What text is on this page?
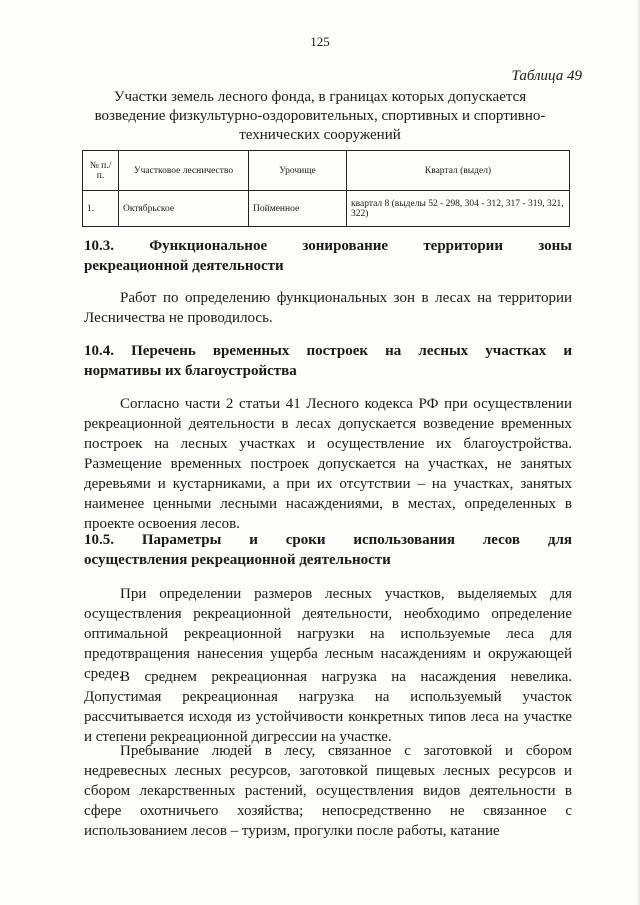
125
Таблица 49
Участки земель лесного фонда, в границах которых допускается возведение физкультурно-оздоровительных, спортивных и спортивно-технических сооружений
№ п./п.	Участковое лесничество	Урочище	Квартал (выдел)
1.	Октябрьское	Пойменное	квартал 8 (выделы 52 - 298, 304 - 312, 317 - 319, 321, 322)
10.3. Функциональное зонирование территории зоны
рекреационной деятельности

Работ по определению функциональных зон в лесах на территории Лесничества не проводилось.

10.4. Перечень временных построек на лесных участках и
нормативы их благоустройства

Согласно части 2 статьи 41 Лесного кодекса РФ при осуществлении рекреационной деятельности в лесах допускается возведение временных построек на лесных участках и осуществление их благоустройства. Размещение временных построек допускается на участках, не занятых деревьями и кустарниками, а при их отсутствии – на участках, занятых наименее ценными лесными насаждениями, в местах, определенных в проекте освоения лесов.

10.5. Параметры и сроки использования лесов для
осуществления рекреационной деятельности

При определении размеров лесных участков, выделяемых для осуществления рекреационной деятельности, необходимо определение оптимальной рекреационной нагрузки на используемые леса для предотвращения нанесения ущерба лесным насаждениям и окружающей среде.

В среднем рекреационная нагрузка на насаждения невелика. Допустимая рекреационная нагрузка на используемый участок рассчитывается исходя из устойчивости конкретных типов леса на участке и степени рекреационной дигрессии на участке.

Пребывание людей в лесу, связанное с заготовкой и сбором недревесных лесных ресурсов, заготовкой пищевых лесных ресурсов и сбором лекарственных растений, осуществления видов деятельности в сфере охотничьего хозяйства; непосредственно не связанное с использованием лесов – туризм, прогулки после работы, катание
